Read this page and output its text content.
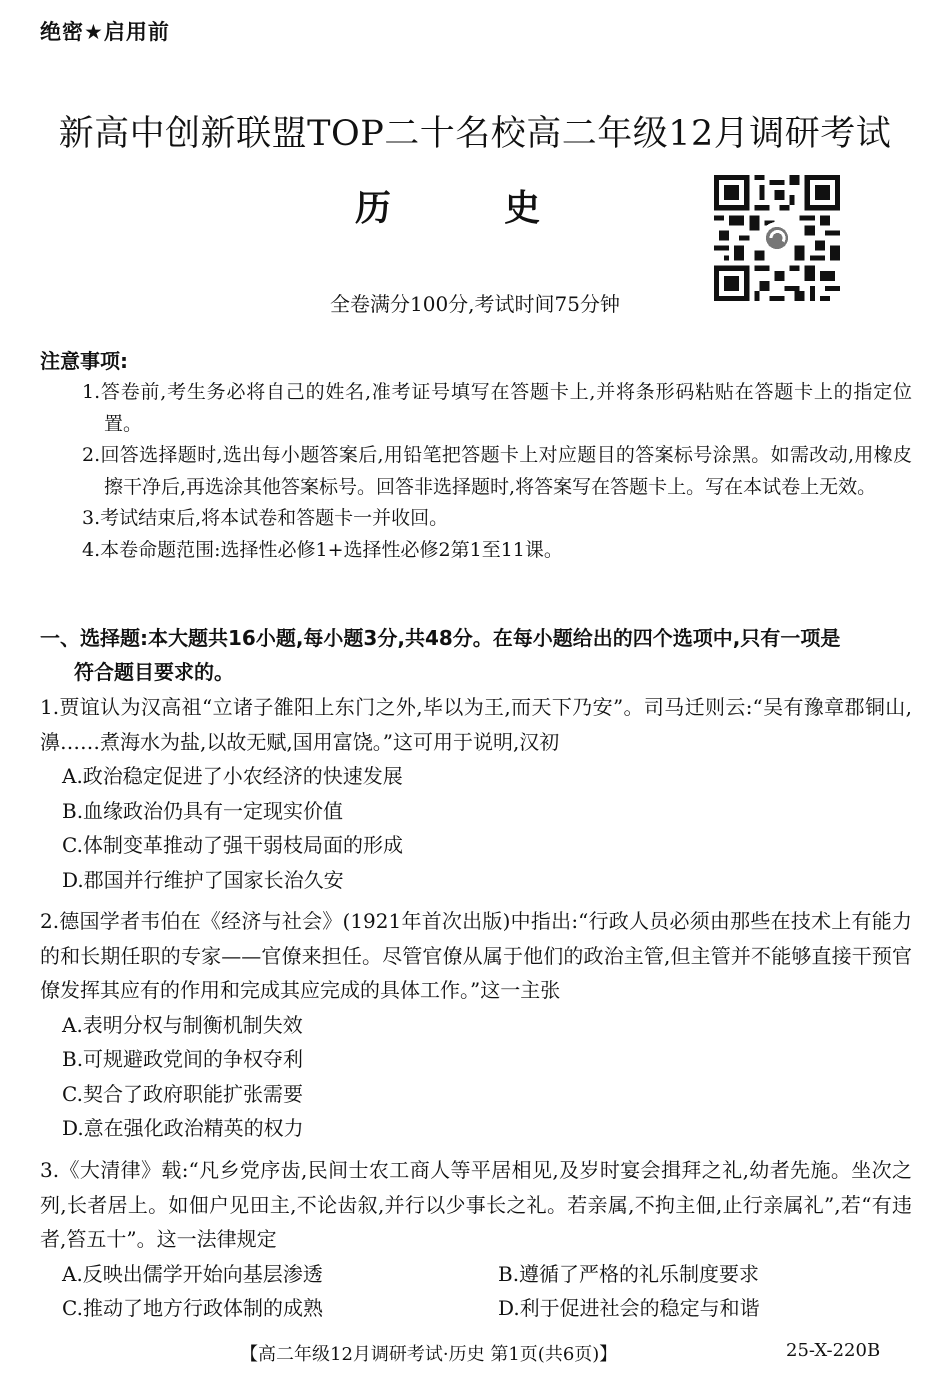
绝密★启用前
新高中创新联盟TOP二十名校高二年级12月调研考试
历	史
全卷满分100分,考试时间75分钟
注意事项:
1.答卷前,考生务必将自己的姓名,准考证号填写在答题卡上,并将条形码粘贴在答题卡上的指定位置。
2.回答选择题时,选出每小题答案后,用铅笔把答题卡上对应题目的答案标号涂黑。如需改动,用橡皮擦干净后,再选涂其他答案标号。回答非选择题时,将答案写在答题卡上。写在本试卷上无效。
3.考试结束后,将本试卷和答题卡一并收回。
4.本卷命题范围:选择性必修1+选择性必修2第1至11课。
一、选择题:本大题共16小题,每小题3分,共48分。在每小题给出的四个选项中,只有一项是
符合题目要求的。
1.贾谊认为汉高祖“立诸子雒阳上东门之外,毕以为王,而天下乃安”。司马迁则云:“吴有豫章郡铜山,濞……煮海水为盐,以故无赋,国用富饶。”这可用于说明,汉初
A.政治稳定促进了小农经济的快速发展
B.血缘政治仍具有一定现实价值
C.体制变革推动了强干弱枝局面的形成
D.郡国并行维护了国家长治久安
2.德国学者韦伯在《经济与社会》(1921年首次出版)中指出:“行政人员必须由那些在技术上有能力的和长期任职的专家——官僚来担任。尽管官僚从属于他们的政治主管,但主管并不能够直接干预官僚发挥其应有的作用和完成其应完成的具体工作。”这一主张
A.表明分权与制衡机制失效
B.可规避政党间的争权夺利
C.契合了政府职能扩张需要
D.意在强化政治精英的权力
3.《大清律》载:“凡乡党序齿,民间士农工商人等平居相见,及岁时宴会揖拜之礼,幼者先施。坐次之列,长者居上。如佃户见田主,不论齿叙,并行以少事长之礼。若亲属,不拘主佃,止行亲属礼”,若“有违者,笞五十”。这一法律规定
A.反映出儒学开始向基层渗透	B.遵循了严格的礼乐制度要求
C.推动了地方行政体制的成熟	D.利于促进社会的稳定与和谐
【高二年级12月调研考试·历史 第1页(共6页)】	25-X-220B
